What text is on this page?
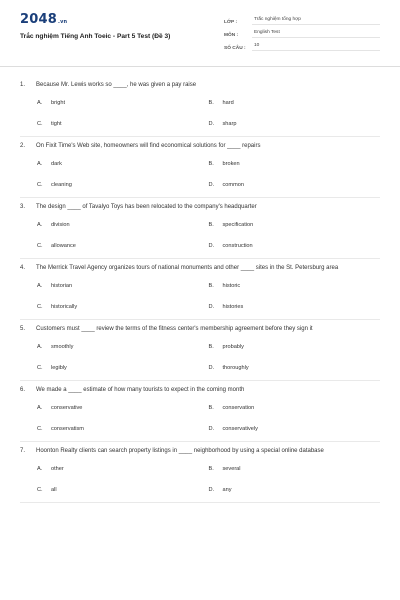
2048.vn
Trắc nghiệm Tiếng Anh Toeic - Part 5 Test (Đề 3)
LỚP :
Trắc nghiệm tổng hợp
MÔN :
English Test
SỐ CÂU :
10
1.	Because Mr. Lewis works so ____, he was given a pay raise
A.	bright	B.	hard
C.	tight	D.	sharp
2.	On Fixit Time's Web site, homeowners will find economical solutions for ____ repairs
A.	dark	B.	broken
C.	cleaning	D.	common
3.	The design ____ of Tavalyo Toys has been relocated to the company's headquarter
A.	division	B.	specification
C.	allowance	D.	construction
4.	The Merrick Travel Agency organizes tours of national monuments and other ____ sites in the St. Petersburg area
A.	historian	B.	historic
C.	historically	D.	histories
5.	Customers must ____ review the terms of the fitness center's membership agreement before they sign it
A.	smoothly	B.	probably
C.	legibly	D.	thoroughly
6.	We made a ____ estimate of how many tourists to expect in the coming month
A.	conservative	B.	conservation
C.	conservatism	D.	conservatively
7.	Hoonton Realty clients can search property listings in ____ neighborhood by using a special online database
A.	other	B.	several
C.	all	D.	any
